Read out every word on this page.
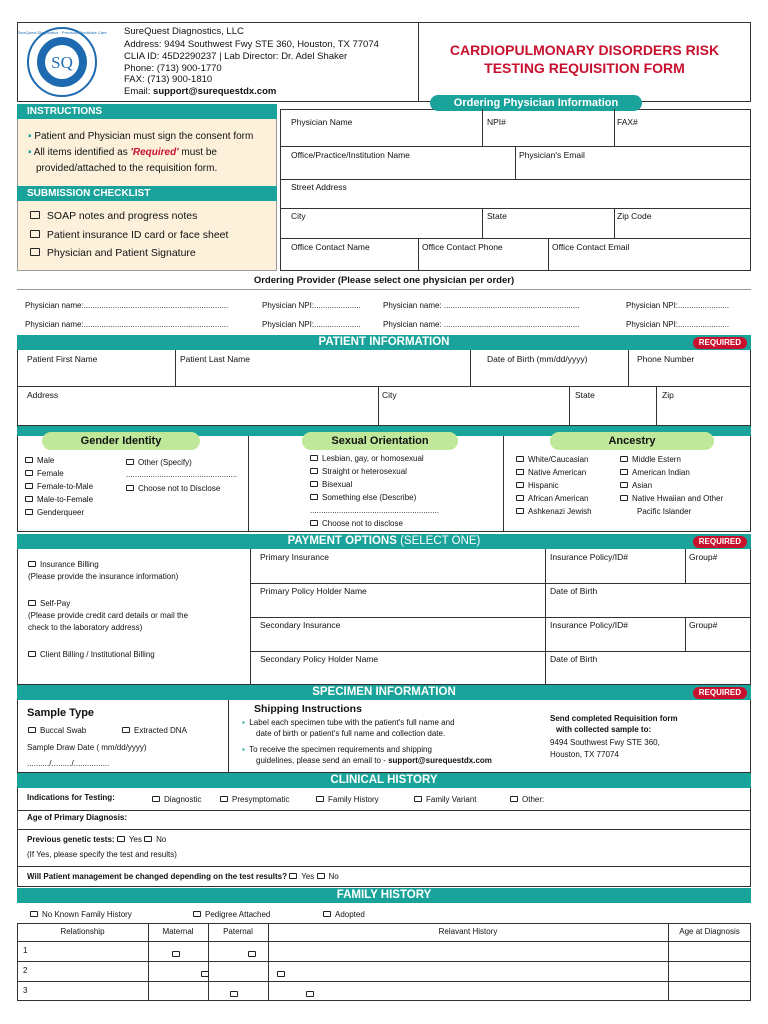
SQ
SureQuest Diagnostics · Precision Predictive Care SureQuest Diagnostics, LLC
Address: 9494 Southwest Fwy STE 360, Houston, TX 77074
CLIA ID: 45D2290237 | Lab Director: Dr. Adel Shaker
Phone: (713) 900-1770
FAX: (713) 900-1810
Email: support@surequestdx.com
CARDIOPULMONARY DISORDERS RISK
TESTING REQUISITION FORM
INSTRUCTIONS
▪ Patient and Physician must sign the consent form
▪ All items identified as 'Required' must be
provided/attached to the requisition form.
SUBMISSION CHECKLIST
SOAP notes and progress notes
Patient insurance ID card or face sheet
Physician and Patient Signature
Ordering Physician Information
Physician Name	NPI#	FAX#
Office/Practice/Institution Name	Physician's Email
Street Address
City	State	Zip Code
Office Contact Name	Office Contact Phone	Office Contact Email
Ordering Provider (Please select one physician per order)
Physician name:.................................................................	Physician NPI:.....................	Physician name: .............................................................	Physician NPI:.......................
Physician name:.................................................................	Physician NPI:.....................	Physician name: .............................................................	Physician NPI:.......................
PATIENT INFORMATION	REQUIRED
Patient First Name	Patient Last Name	Date of Birth (mm/dd/yyyy)	Phone Number
Address	City	State	Zip
Gender Identity	Sexual Orientation	Ancestry
Male
Female
Female-to-Male
Male-to-Female
Genderqueer
Other (Specify)
..................................................
Choose not to Disclose
Lesbian, gay, or homosexual
Straight or heterosexual
Bisexual
Something else (Describe)
..........................................................
Choose not to disclose
White/Caucasian
Native American
Hispanic
African American
Ashkenazi Jewish
Middle Estern
American Indian
Asian
Native Hwaiian and Other
Pacific Islander
PAYMENT OPTIONS (SELECT ONE)	REQUIRED
Insurance Billing
(Please provide the insurance information)
Self-Pay
(Please provide credit card details or mail the
check to the laboratory address)
Client Billing / Institutional Billing
Primary Insurance	Insurance Policy/ID#	Group#
Primary Policy Holder Name	Date of Birth
Secondary Insurance	Insurance Policy/ID#	Group#
Secondary Policy Holder Name	Date of Birth
SPECIMEN INFORMATION	REQUIRED
Sample Type
Buccal Swab	Extracted DNA
Sample Draw Date ( mm/dd/yyyy)
........../........./................
Shipping Instructions
▪ Label each specimen tube with the patient's full name and
date of birth or patient's full name and collection date.
▪ To receive the specimen requirements and shipping
guidelines, please send an email to - support@surequestdx.com
Send completed Requisition form
with collected sample to:
9494 Southwest Fwy STE 360,
Houston, TX 77074
CLINICAL HISTORY
Indications for Testing:	Diagnostic	Presymptomatic	Family History	Family Variant	Other:
Age of Primary Diagnosis:
Previous genetic tests: Yes No
(If Yes, please specify the test and results)
Will Patient management be changed depending on the test results? Yes No
FAMILY HISTORY
No Known Family History	Pedigree Attached	Adopted
Relationship	Maternal	Paternal	Relavant History	Age at Diagnosis
1
2
3
